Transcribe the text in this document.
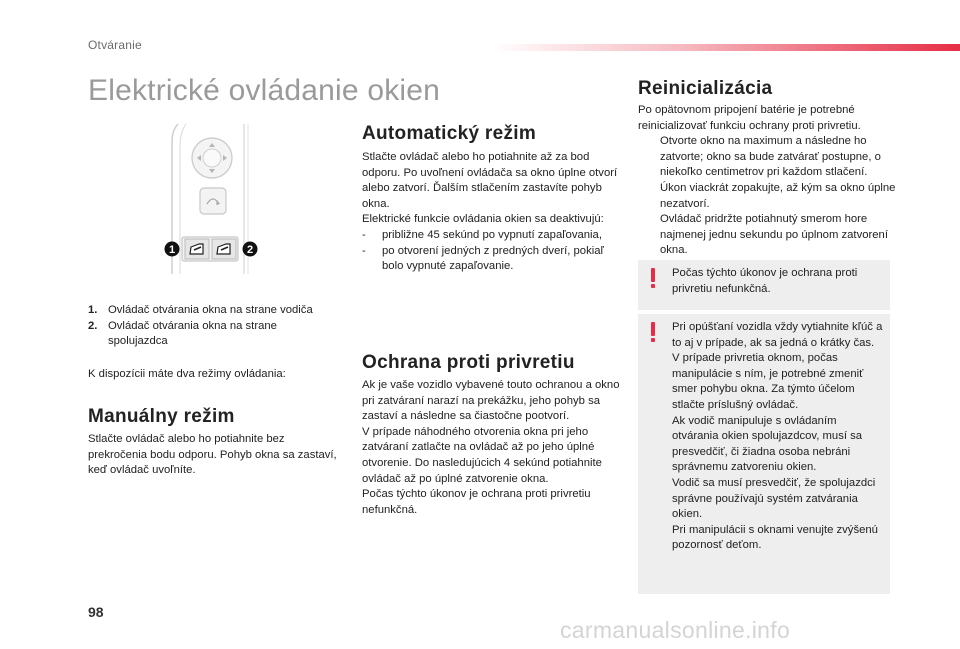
Otváranie
Elektrické ovládanie okien
1	2
1. Ovládač otvárania okna na strane vodiča
2. Ovládač otvárania okna na strane spolujazdca
K dispozícii máte dva režimy ovládania:
Manuálny režim
Stlačte ovládač alebo ho potiahnite bez prekročenia bodu odporu. Pohyb okna sa zastaví, keď ovládač uvoľníte.
Automatický režim

Stlačte ovládač alebo ho potiahnite až za bod odporu. Po uvoľnení ovládača sa okno úplne otvorí alebo zatvorí. Ďalším stlačením zastavíte pohyb okna.

Elektrické funkcie ovládania okien sa deaktivujú:

-	približne 45 sekúnd po vypnutí zapaľovania,
-	po otvorení jedných z predných dverí, pokiaľ bolo vypnuté zapaľovanie.
Ochrana proti privretiu

Ak je vaše vozidlo vybavené touto ochranou a okno pri zatváraní narazí na prekážku, jeho pohyb sa zastaví a následne sa čiastočne pootvorí.

V prípade náhodného otvorenia okna pri jeho zatváraní zatlačte na ovládač až po jeho úplné otvorenie. Do nasledujúcich 4 sekúnd potiahnite ovládač až po úplné zatvorenie okna.

Počas týchto úkonov je ochrana proti privretiu nefunkčná.

Reinicializácia

Po opätovnom pripojení batérie je potrebné reinicializovať funkciu ochrany proti privretiu.

Otvorte okno na maximum a následne ho zatvorte; okno sa bude zatvárať postupne, o niekoľko centimetrov pri každom stlačení.
Úkon viackrát zopakujte, až kým sa okno úplne nezatvorí.
Ovládač pridržte potiahnutý smerom hore najmenej jednu sekundu po úplnom zatvorení okna.
Počas týchto úkonov je ochrana proti privretiu nefunkčná.

Pri opúšťaní vozidla vždy vytiahnite kľúč a to aj v prípade, ak sa jedná o krátky čas.

V prípade privretia oknom, počas manipulácie s ním, je potrebné zmeniť smer pohybu okna. Za týmto účelom stlačte príslušný ovládač.

Ak vodič manipuluje s ovládaním otvárania okien spolujazdcov, musí sa presvedčiť, či žiadna osoba nebráni správnemu zatvoreniu okien.

Vodič sa musí presvedčiť, že spolujazdci správne používajú systém zatvárania okien.

Pri manipulácii s oknami venujte zvýšenú pozornosť deťom.

98
carmanualsonline.info
